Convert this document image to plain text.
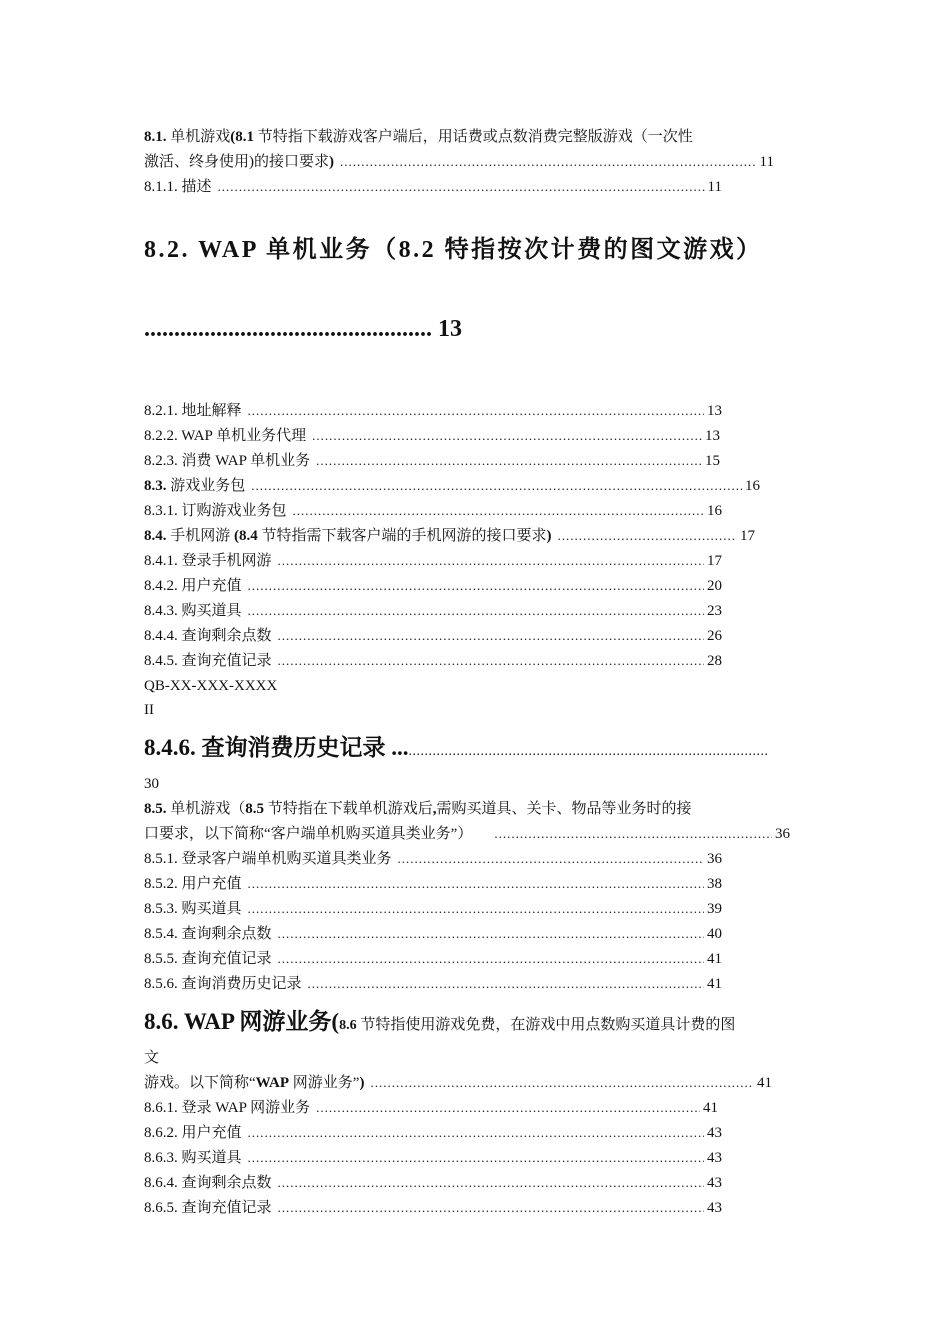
8.1. 单机游戏(8.1 节特指下载游戏客户端后，用话费或点数消费完整版游戏（一次性
激活、终身使用)的接口要求) .....	11
8.1.1. 描述 .....	11
8.2. WAP 单机业务（8.2 特指按次计费的图文游戏）
................................................ 13
8.2.1. 地址解释 .....	13
8.2.2. WAP 单机业务代理 .....	13
8.2.3. 消费 WAP 单机业务 .....	15
8.3. 游戏业务包 .....	16
8.3.1. 订购游戏业务包 .....	16
8.4. 手机网游 (8.4 节特指需下载客户端的手机网游的接口要求) .....	17
8.4.1. 登录手机网游 .....	17
8.4.2. 用户充值 .....	20
8.4.3. 购买道具 .....	23
8.4.4. 查询剩余点数 .....	26
8.4.5. 查询充值记录 .....	28
QB-XX-XXX-XXXX
II
8.4.6. 查询消费历史记录 .............................................................................................
30
8.5. 单机游戏（8.5 节特指在下载单机游戏后,需购买道具、关卡、物品等业务时的接
口要求，以下简称“客户端单机购买道具类业务”） .....	36
8.5.1. 登录客户端单机购买道具类业务 .....	36
8.5.2. 用户充值 .....	38
8.5.3. 购买道具 .....	39
8.5.4. 查询剩余点数 .....	40
8.5.5. 查询充值记录 .....	41
8.5.6. 查询消费历史记录 .....	41
8.6. WAP 网游业务(8.6 节特指使用游戏免费，在游戏中用点数购买道具计费的图
文
游戏。以下简称“WAP 网游业务”) .....	41
8.6.1. 登录 WAP 网游业务 .....	41
8.6.2. 用户充值 .....	43
8.6.3. 购买道具 .....	43
8.6.4. 查询剩余点数 .....	43
8.6.5. 查询充值记录 .....	43
